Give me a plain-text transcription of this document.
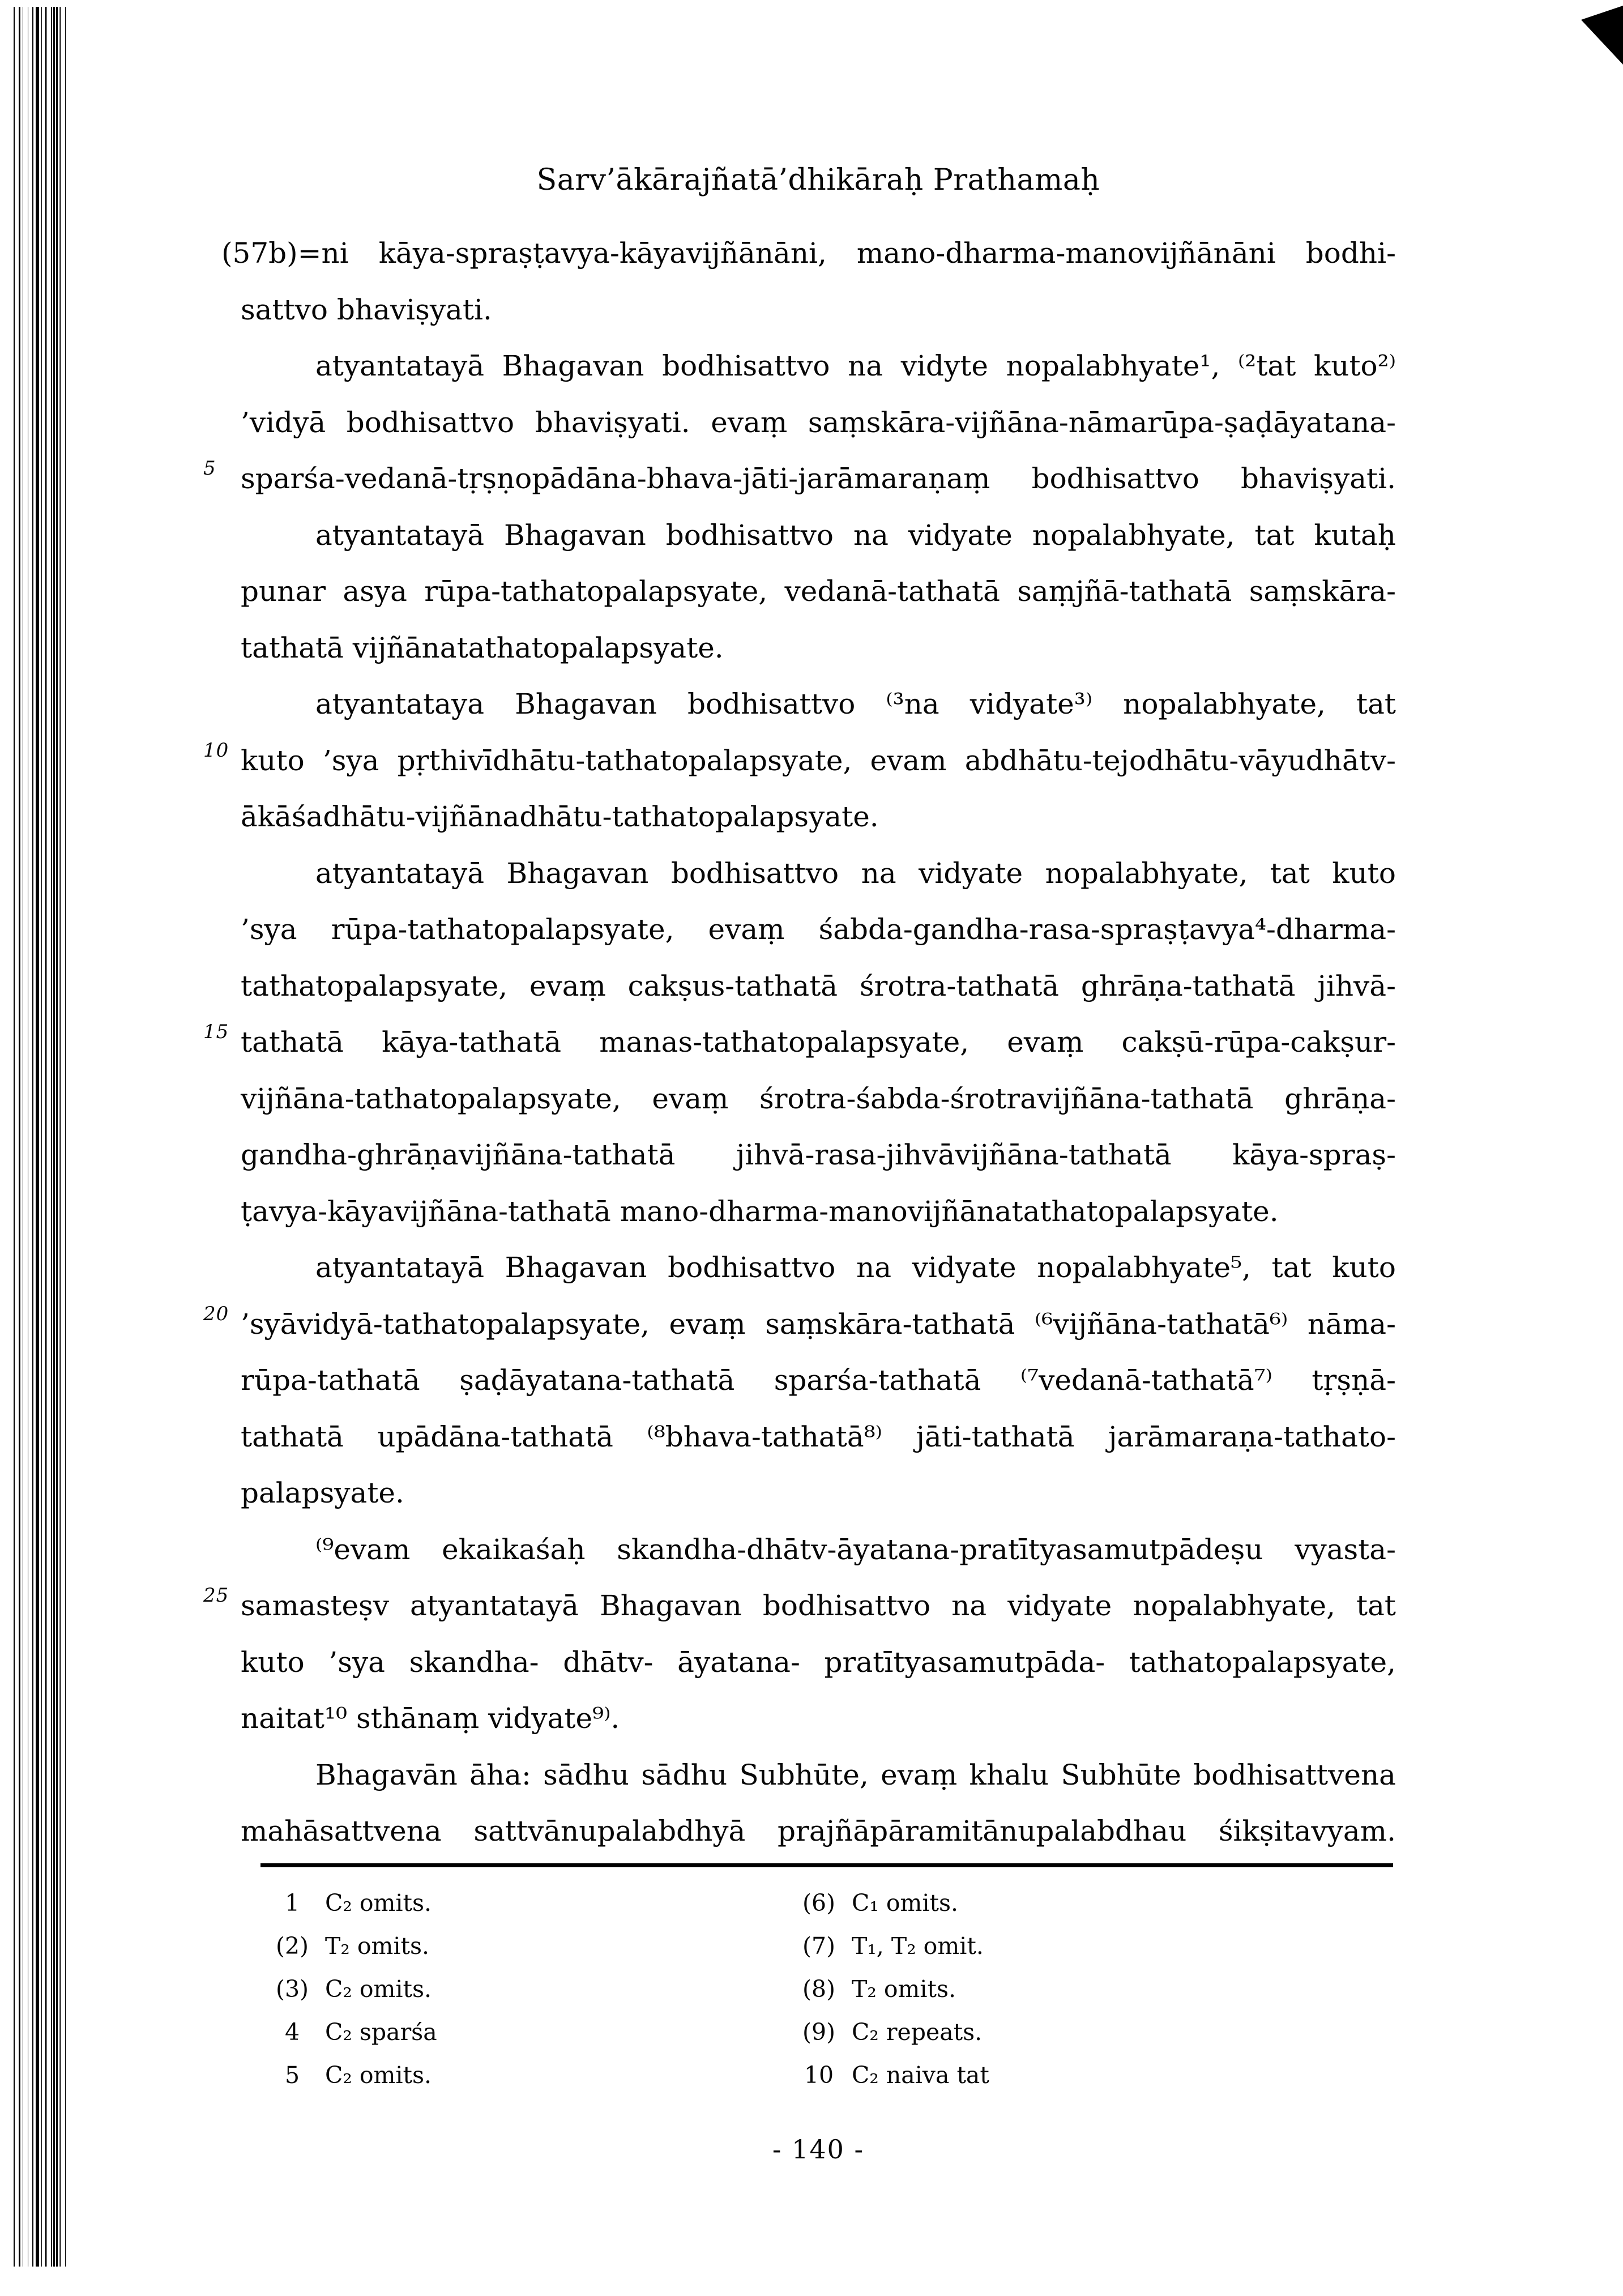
Sarv’ākārajñatā’dhikāraḥ Prathamaḥ
(57b)=ni kāya-spraṣṭavya-kāyavijñānāni, mano-dharma-manovijñānāni bodhi-
sattvo bhaviṣyati.
atyantatayā Bhagavan bodhisattvo na vidyte nopalabhyate¹, ⁽²tat kuto²⁾
’vidyā bodhisattvo bhaviṣyati. evaṃ saṃskāra-vijñāna-nāmarūpa-ṣaḍāyatana-
5 sparśa-vedanā-tṛṣṇopādāna-bhava-jāti-jarāmaraṇaṃ bodhisattvo bhaviṣyati.
atyantatayā Bhagavan bodhisattvo na vidyate nopalabhyate, tat kutaḥ
punar asya rūpa-tathatopalapsyate, vedanā-tathatā saṃjñā-tathatā saṃskāra-
tathatā vijñānatathatopalapsyate.
atyantataya Bhagavan bodhisattvo ⁽³na vidyate³⁾ nopalabhyate, tat
10 kuto ’sya pṛthivīdhātu-tathatopalapsyate, evam abdhātu-tejodhātu-vāyudhātv-
ākāśadhātu-vijñānadhātu-tathatopalapsyate.
atyantatayā Bhagavan bodhisattvo na vidyate nopalabhyate, tat kuto
’sya rūpa-tathatopalapsyate, evaṃ śabda-gandha-rasa-spraṣṭavya⁴-dharma-
tathatopalapsyate, evaṃ cakṣus-tathatā śrotra-tathatā ghrāṇa-tathatā jihvā-
15 tathatā kāya-tathatā manas-tathatopalapsyate, evaṃ cakṣū-rūpa-cakṣur-
vijñāna-tathatopalapsyate, evaṃ śrotra-śabda-śrotravijñāna-tathatā ghrāṇa-
gandha-ghrāṇavijñāna-tathatā jihvā-rasa-jihvāvijñāna-tathatā kāya-spraṣ-
ṭavya-kāyavijñāna-tathatā mano-dharma-manovijñānatathatopalapsyate.
atyantatayā Bhagavan bodhisattvo na vidyate nopalabhyate⁵, tat kuto
20 ’syāvidyā-tathatopalapsyate, evaṃ saṃskāra-tathatā ⁽⁶vijñāna-tathatā⁶⁾ nāma-
rūpa-tathatā ṣaḍāyatana-tathatā sparśa-tathatā ⁽⁷vedanā-tathatā⁷⁾ tṛṣṇā-
tathatā upādāna-tathatā ⁽⁸bhava-tathatā⁸⁾ jāti-tathatā jarāmaraṇa-tathato-
palapsyate.
⁽⁹evam ekaikaśaḥ skandha-dhātv-āyatana-pratītyasamutpādeṣu vyasta-
25 samasteṣv atyantatayā Bhagavan bodhisattvo na vidyate nopalabhyate, tat
kuto ’sya skandha- dhātv- āyatana- pratītyasamutpāda- tathatopalapsyate,
naitat¹⁰ sthānaṃ vidyate⁹⁾.
Bhagavān āha: sādhu sādhu Subhūte, evaṃ khalu Subhūte bodhisattvena
mahāsattvena sattvānupalabdhyā prajñāpāramitānupalabdhau śikṣitavyam.
1	C₂ omits.
(2) T₂ omits.
(3) C₂ omits.
4	C₂ sparśa
5	C₂ omits.
(6) C₁ omits.
(7) T₁, T₂ omit.
(8) T₂ omits.
(9) C₂ repeats.
10 C₂ naiva tat
- 140 -
